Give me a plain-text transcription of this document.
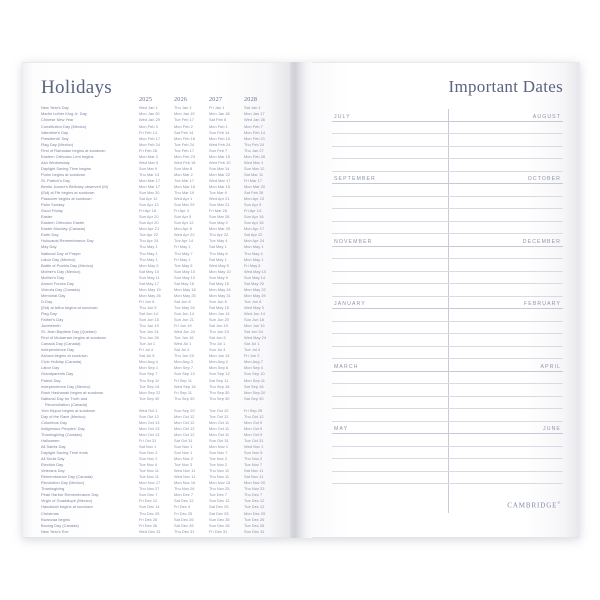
Holidays
2025	2026	2027	2028
New Year's Day	Wed Jan 1	Thu Jan 1	Fri Jan 1	Sat Jan 1
Martin Luther King Jr. Day	Mon Jan 20	Mon Jan 19	Mon Jan 18	Mon Jan 17
Chinese New Year	Wed Jan 29	Tue Feb 17	Sat Feb 6	Wed Jan 26
Constitution Day (Mexico)	Mon Feb 3	Mon Feb 2	Mon Feb 1	Mon Feb 7
Valentine's Day	Fri Feb 14	Sat Feb 14	Sun Feb 14	Mon Feb 14
Presidents' Day	Mon Feb 17	Mon Feb 16	Mon Feb 15	Mon Feb 21
Flag Day (Mexico)	Mon Feb 24	Tue Feb 24	Wed Feb 24	Thu Feb 24
First of Ramadan begins at sundown	Fri Feb 28	Tue Feb 17	Sun Feb 7	Thu Jan 27
Eastern Orthodox Lent begins	Mon Mar 3	Mon Feb 23	Mon Mar 15	Mon Feb 28
Ash Wednesday	Wed Mar 5	Wed Feb 18	Wed Feb 10	Wed Mar 1
Daylight Saving Time begins	Sun Mar 9	Sun Mar 8	Sun Mar 14	Sun Mar 12
Purim begins at sundown	Thu Mar 13	Mon Mar 2	Mon Mar 22	Sat Mar 11
St. Patrick's Day	Mon Mar 17	Tue Mar 17	Wed Mar 17	Fri Mar 17
Benito Juarez's Birthday observed (M)	Mon Mar 17	Mon Mar 16	Mon Mar 15	Mon Mar 20
(Eid) al Fitr begins at sundown	Sun Mar 30	Thu Mar 19	Tue Mar 9	Sat Feb 26
Passover begins at sundown	Sat Apr 12	Wed Apr 1	Wed Apr 21	Mon Apr 10
Palm Sunday	Sun Apr 13	Sun Mar 29	Sun Mar 21	Sun Apr 9
Good Friday	Fri Apr 18	Fri Apr 3	Fri Mar 26	Fri Apr 14
Easter	Sun Apr 20	Sun Apr 5	Sun Mar 28	Sun Apr 16
Eastern Orthodox Easter	Sun Apr 20	Sun Apr 12	Sun May 2	Sun Apr 16
Easter Monday (Canada)	Mon Apr 21	Mon Apr 6	Mon Mar 29	Mon Apr 17
Earth Day	Tue Apr 22	Wed Apr 22	Thu Apr 22	Sat Apr 22
Holocaust Remembrance Day	Thu Apr 24	Tue Apr 14	Tue May 4	Mon Apr 24
May Day	Thu May 1	Fri May 1	Sat May 1	Mon May 1
National Day of Prayer	Thu May 1	Thu May 7	Thu May 6	Thu May 4
Labor Day (Mexico)	Thu May 1	Fri May 1	Sat May 1	Mon May 1
Battle of Puebla Day (Mexico)	Mon May 5	Tue May 5	Wed May 5	Fri May 5
Mother's Day (Mexico)	Sat May 10	Sun May 10	Mon May 10	Wed May 10
Mother's Day	Sun May 11	Sun May 10	Sun May 9	Sun May 14
Armed Forces Day	Sat May 17	Sat May 16	Sat May 15	Sat May 20
Victoria Day (Canada)	Mon May 19	Mon May 18	Mon May 24	Mon May 22
Memorial Day	Mon May 26	Mon May 25	Mon May 31	Mon May 29
D-Day	Fri Jun 6	Sat Jun 6	Sun Jun 6	Tue Jun 6
(Eid) al Adha begins at sundown	Thu Jun 5	Tue May 26	Sat May 15	Wed May 3
Flag Day	Sat Jun 14	Sun Jun 14	Mon Jun 14	Wed Jun 14
Father's Day	Sun Jun 15	Sun Jun 21	Sun Jun 20	Sun Jun 18
Juneteenth	Thu Jun 19	Fri Jun 19	Sat Jun 19	Mon Jun 19
St. Jean Baptiste Day (Quebec)	Tue Jun 24	Wed Jun 24	Thu Jun 24	Sat Jun 24
First of Muharram begins at sundown	Thu Jun 26	Tue Jun 16	Sat Jun 5	Wed May 24
Canada Day (Canada)	Tue Jul 1	Wed Jul 1	Thu Jul 1	Sat Jul 1
Independence Day	Fri Jul 4	Sat Jul 4	Sun Jul 4	Tue Jul 4
Ashura begins at sundown	Sat Jul 5	Thu Jun 25	Mon Jun 14	Fri Jun 2
Civic Holiday (Canada)	Mon Aug 4	Mon Aug 3	Mon Aug 2	Mon Aug 7
Labor Day	Mon Sep 1	Mon Sep 7	Mon Sep 6	Mon Sep 4
Grandparents Day	Sun Sep 7	Sun Sep 13	Sun Sep 12	Sun Sep 10
Patriot Day	Thu Sep 11	Fri Sep 11	Sat Sep 11	Mon Sep 11
Independence Day (Mexico)	Tue Sep 16	Wed Sep 16	Thu Sep 16	Sat Sep 16
Rosh Hashanah begins at sundown	Mon Sep 22	Fri Sep 11	Thu Sep 30	Mon Sep 20
National Day for Truth and	Tue Sep 30	Thu Sep 30	Thu Sep 30	Sat Sep 30
Reconciliation (Canada)
Yom Kippur begins at sundown	Wed Oct 1	Sun Sep 20	Tue Oct 10	Fri Sep 29
Day of the Race (Mexico)	Sun Oct 12	Mon Oct 12	Tue Oct 12	Thu Oct 12
Columbus Day	Mon Oct 13	Mon Oct 12	Mon Oct 11	Mon Oct 9
Indigenous Peoples' Day	Mon Oct 13	Mon Oct 12	Mon Oct 11	Mon Oct 9
Thanksgiving (Canada)	Mon Oct 13	Mon Oct 12	Mon Oct 11	Mon Oct 9
Halloween	Fri Oct 31	Sat Oct 31	Sun Oct 31	Tue Oct 31
All Saints Day	Sat Nov 1	Sun Nov 1	Mon Nov 1	Wed Nov 1
Daylight Saving Time ends	Sun Nov 2	Sun Nov 1	Sun Nov 7	Sun Nov 5
All Souls Day	Sun Nov 2	Mon Nov 2	Tue Nov 2	Thu Nov 2
Election Day	Tue Nov 4	Tue Nov 3	Tue Nov 2	Tue Nov 7
Veterans Day	Tue Nov 11	Wed Nov 11	Thu Nov 11	Sat Nov 11
Remembrance Day (Canada)	Tue Nov 11	Wed Nov 11	Thu Nov 11	Sat Nov 11
Revolution Day (Mexico)	Mon Nov 17	Mon Nov 16	Mon Nov 15	Mon Nov 20
Thanksgiving	Thu Nov 27	Thu Nov 26	Thu Nov 25	Thu Nov 23
Pearl Harbor Remembrance Day	Sun Dec 7	Mon Dec 7	Tue Dec 7	Thu Dec 7
Virgin of Guadalupe (Mexico)	Fri Dec 12	Sat Dec 12	Sun Dec 12	Tue Dec 12
Hanukkah begins at sundown	Sun Dec 14	Fri Dec 4	Sat Dec 25	Tue Dec 12
Christmas	Thu Dec 25	Fri Dec 25	Sat Dec 25	Mon Dec 25
Kwanzaa begins	Fri Dec 26	Sat Dec 26	Sun Dec 26	Tue Dec 26
Boxing Day (Canada)	Fri Dec 26	Sat Dec 26	Sun Dec 26	Tue Dec 26
New Year's Eve	Wed Dec 31	Thu Dec 31	Fri Dec 31	Sun Dec 31
Important Dates
JULY	AUGUST
SEPTEMBER	OCTOBER
NOVEMBER	DECEMBER
JANUARY	FEBRUARY
MARCH	APRIL
MAY	JUNE
CAMBRIDGE®
